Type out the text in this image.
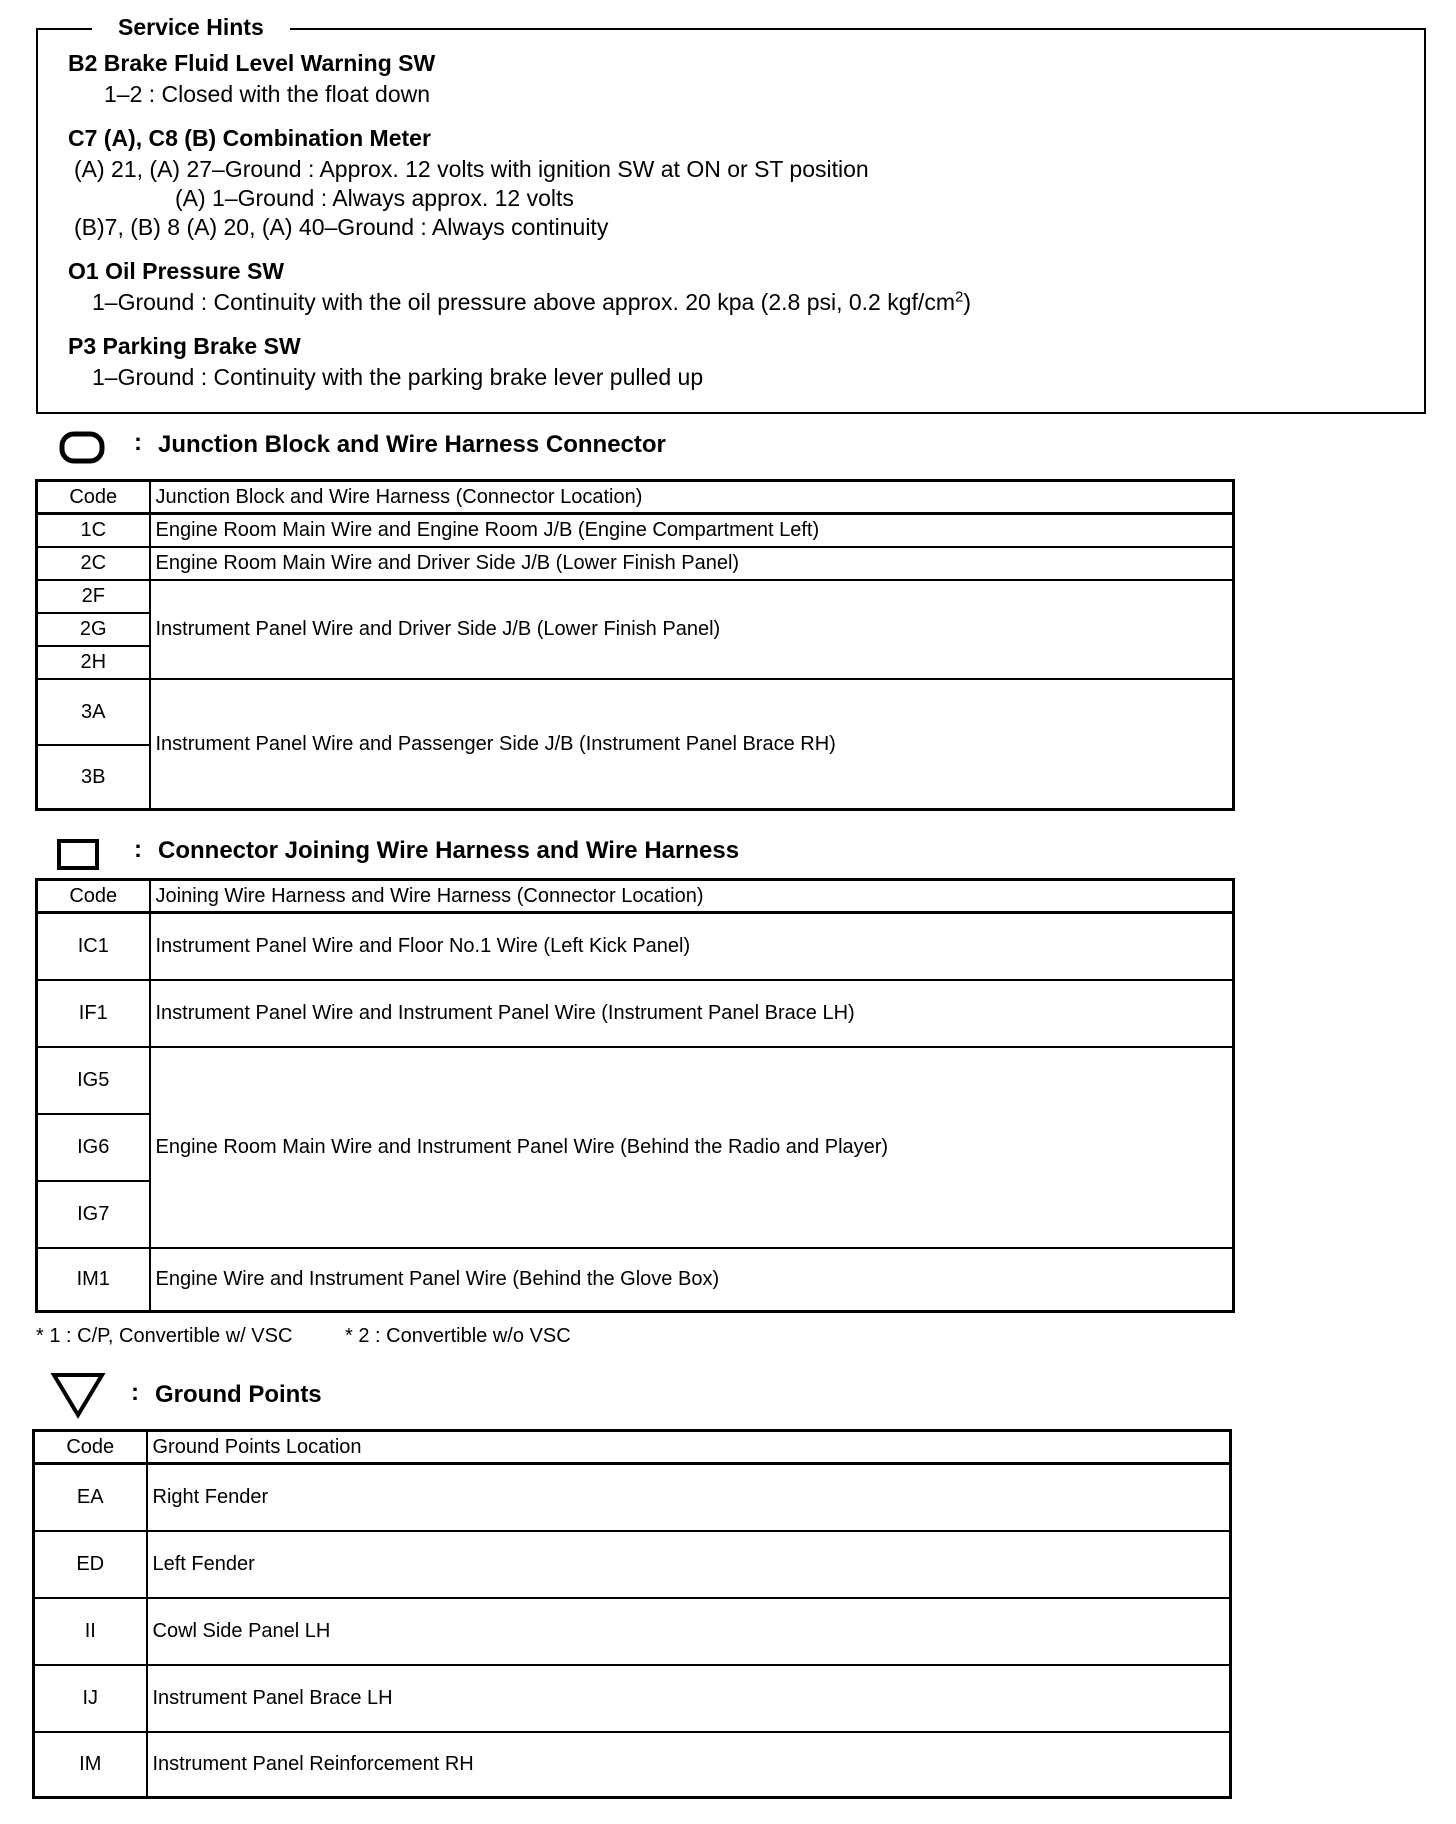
Service Hints
B2 Brake Fluid Level Warning SW
1–2 : Closed with the float down
C7 (A), C8 (B) Combination Meter
(A) 21, (A) 27–Ground : Approx. 12 volts with ignition SW at ON or ST position
(A) 1–Ground : Always approx. 12 volts
(B)7, (B) 8 (A) 20, (A) 40–Ground : Always continuity
O1 Oil Pressure SW
1–Ground : Continuity with the oil pressure above approx. 20 kpa (2.8 psi, 0.2 kgf/$cm^2$)
P3 Parking Brake SW
1–Ground : Continuity with the parking brake lever pulled up
: Junction Block and Wire Harness Connector
Code	Junction Block and Wire Harness (Connector Location)
1C	Engine Room Main Wire and Engine Room J/B (Engine Compartment Left)
2C	Engine Room Main Wire and Driver Side J/B (Lower Finish Panel)
2F	Instrument Panel Wire and Driver Side J/B (Lower Finish Panel)
2G	
2H	
3A	Instrument Panel Wire and Passenger Side J/B (Instrument Panel Brace RH)
3B	
: Connector Joining Wire Harness and Wire Harness
Code	Joining Wire Harness and Wire Harness (Connector Location)
IC1	Instrument Panel Wire and Floor No.1 Wire (Left Kick Panel)
IF1	Instrument Panel Wire and Instrument Panel Wire (Instrument Panel Brace LH)
IG5	Engine Room Main Wire and Instrument Panel Wire (Behind the Radio and Player)
IG6	
IG7	
IM1	Engine Wire and Instrument Panel Wire (Behind the Glove Box)
* 1 : C/P, Convertible w/ VSC	* 2 : Convertible w/o VSC
: Ground Points
Code	Ground Points Location
EA	Right Fender
ED	Left Fender
II	Cowl Side Panel LH
IJ	Instrument Panel Brace LH
IM	Instrument Panel Reinforcement RH
